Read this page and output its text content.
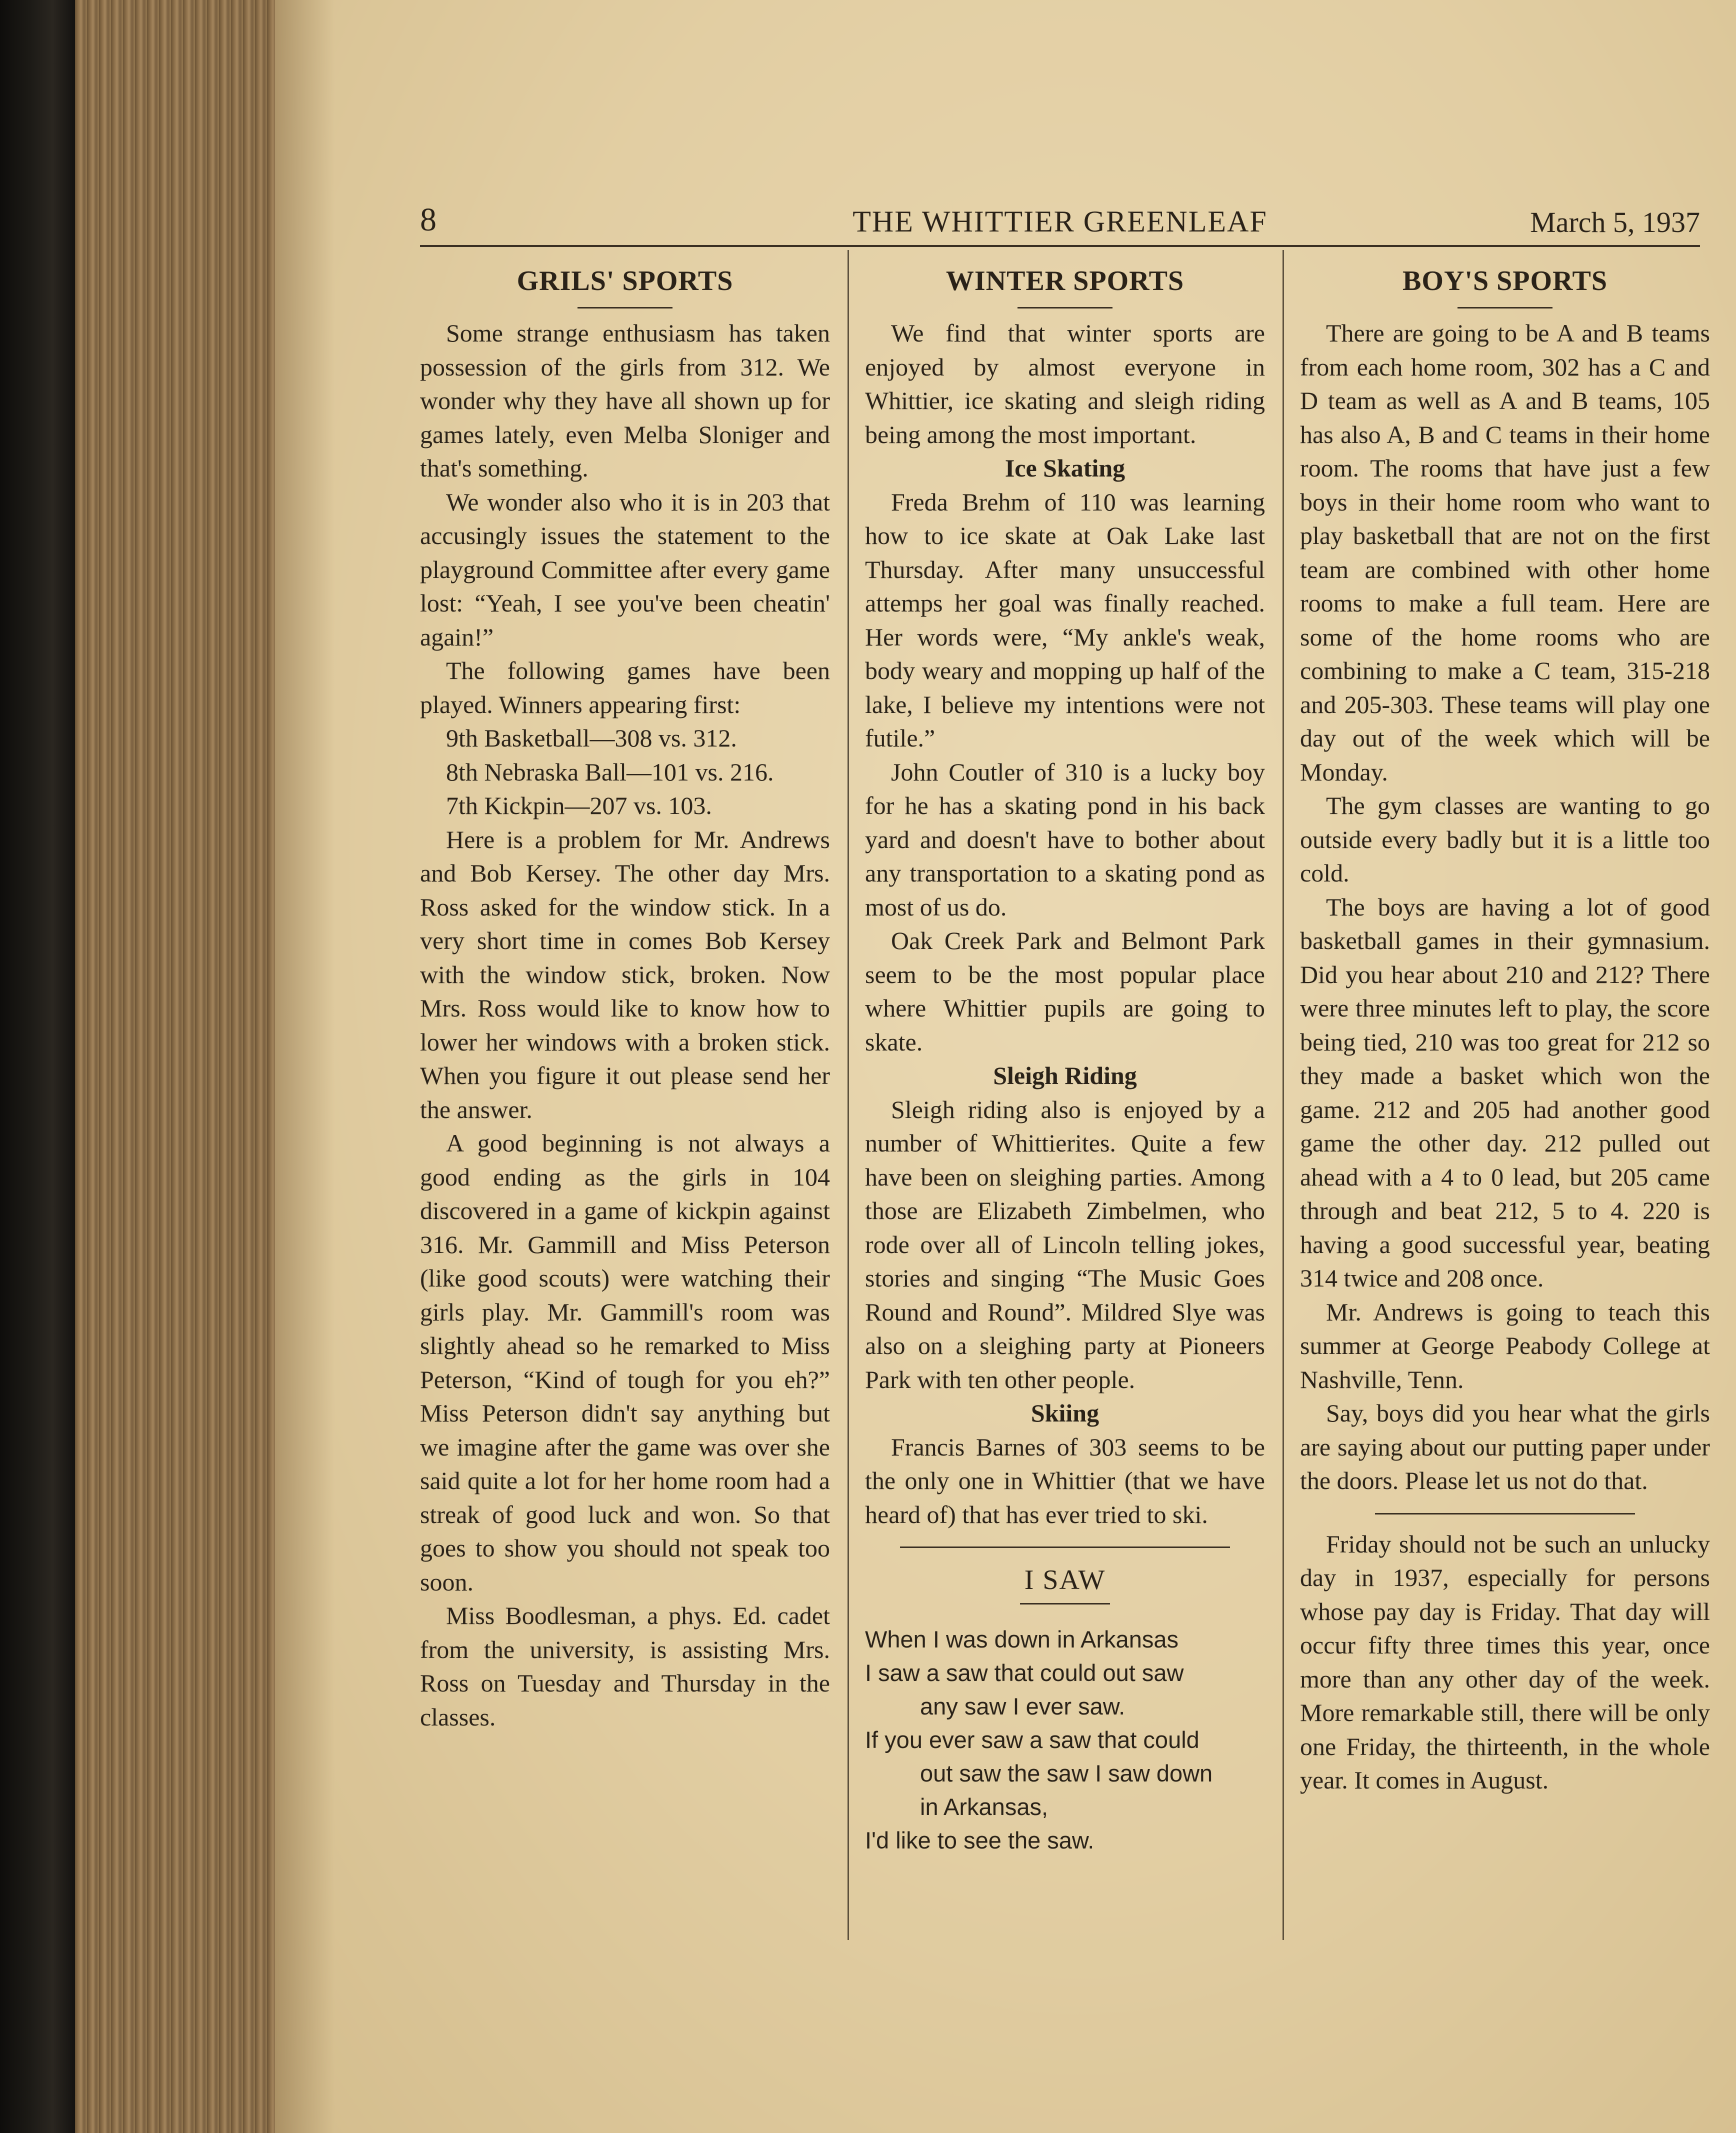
8	THE WHITTIER GREENLEAF	March 5, 1937
GRILS' SPORTS

Some strange enthusiasm has taken possession of the girls from 312. We wonder why they have all shown up for games lately, even Melba Sloniger and that's something.

We wonder also who it is in 203 that accusingly issues the statement to the playground Committee after every game lost: “Yeah, I see you've been cheatin' again!”

The following games have been played. Winners appearing first:

9th Basketball—308 vs. 312.

8th Nebraska Ball—101 vs. 216.

7th Kickpin—207 vs. 103.

Here is a problem for Mr. Andrews and Bob Kersey. The other day Mrs. Ross asked for the window stick. In a very short time in comes Bob Kersey with the window stick, broken. Now Mrs. Ross would like to know how to lower her windows with a broken stick. When you figure it out please send her the answer.

A good beginning is not always a good ending as the girls in 104 discovered in a game of kickpin against 316. Mr. Gammill and Miss Peterson (like good scouts) were watching their girls play. Mr. Gammill's room was slightly ahead so he remarked to Miss Peterson, “Kind of tough for you eh?” Miss Peterson didn't say anything but we imagine after the game was over she said quite a lot for her home room had a streak of good luck and won. So that goes to show you should not speak too soon.

Miss Boodlesman, a phys. Ed. cadet from the university, is assisting Mrs. Ross on Tuesday and Thursday in the classes.

WINTER SPORTS

We find that winter sports are enjoyed by almost everyone in Whittier, ice skating and sleigh riding being among the most important.

Ice Skating

Freda Brehm of 110 was learning how to ice skate at Oak Lake last Thursday. After many unsuccessful attemps her goal was finally reached. Her words were, “My ankle's weak, body weary and mopping up half of the lake, I believe my intentions were not futile.”

John Coutler of 310 is a lucky boy for he has a skating pond in his back yard and doesn't have to bother about any transportation to a skating pond as most of us do.

Oak Creek Park and Belmont Park seem to be the most popular place where Whittier pupils are going to skate.

Sleigh Riding

Sleigh riding also is enjoyed by a number of Whittierites. Quite a few have been on sleighing parties. Among those are Elizabeth Zimbelmen, who rode over all of Lincoln telling jokes, stories and singing “The Music Goes Round and Round”. Mildred Slye was also on a sleighing party at Pioneers Park with ten other people.

Skiing

Francis Barnes of 303 seems to be the only one in Whittier (that we have heard of) that has ever tried to ski.

I SAW
When I was down in Arkansas
I saw a saw that could out saw
any saw I ever saw.
If you ever saw a saw that could
out saw the saw I saw down
in Arkansas,
I'd like to see the saw.
BOY'S SPORTS

There are going to be A and B teams from each home room, 302 has a C and D team as well as A and B teams, 105 has also A, B and C teams in their home room. The rooms that have just a few boys in their home room who want to play basketball that are not on the first team are combined with other home rooms to make a full team. Here are some of the home rooms who are combining to make a C team, 315-218 and 205-303. These teams will play one day out of the week which will be Monday.

The gym classes are wanting to go outside every badly but it is a little too cold.

The boys are having a lot of good basketball games in their gymnasium. Did you hear about 210 and 212? There were three minutes left to play, the score being tied, 210 was too great for 212 so they made a basket which won the game. 212 and 205 had another good game the other day. 212 pulled out ahead with a 4 to 0 lead, but 205 came through and beat 212, 5 to 4. 220 is having a good successful year, beating 314 twice and 208 once.

Mr. Andrews is going to teach this summer at George Peabody College at Nashville, Tenn.

Say, boys did you hear what the girls are saying about our putting paper under the doors. Please let us not do that.

Friday should not be such an unlucky day in 1937, especially for persons whose pay day is Friday. That day will occur fifty three times this year, once more than any other day of the week. More remarkable still, there will be only one Friday, the thirteenth, in the whole year. It comes in August.
